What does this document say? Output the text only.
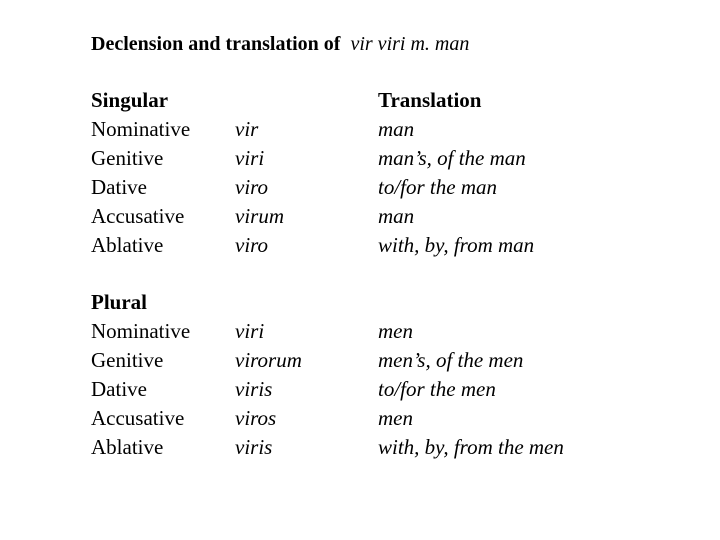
Declension and translation of vir viri m. man
Singular	Translation
Nominative vir	man
Genitive	viri	man’s, of the man
Dative	viro	to/for the man
Accusative virum	man
Ablative	viro	with, by, from man
Plural
Nominative viri	men
Genitive	virorum	men’s, of the men
Dative	viris	to/for the men
Accusative viros	men
Ablative	viris	with, by, from the men
